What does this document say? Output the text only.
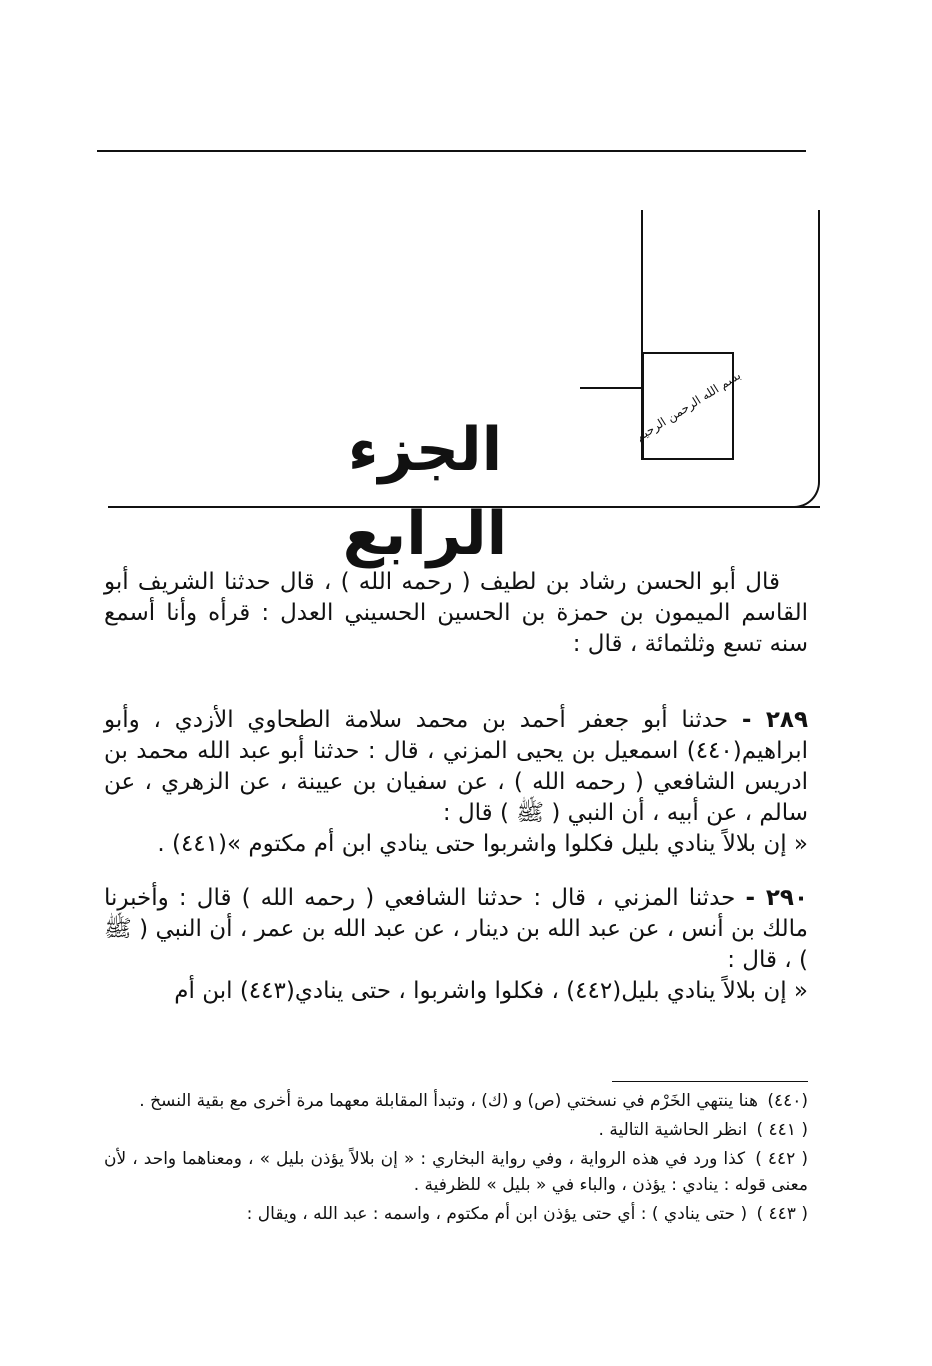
بسم الله الرحمن الرحيم
الجزء الرابع

قال أبو الحسن رشاد بن لطيف ( رحمه الله ) ، قال حدثنا الشريف أبو القاسم الميمون بن حمزة بن الحسين الحسيني العدل : قرأه وأنا أسمع سنه تسع وثلثمائة ، قال :

٢٨٩ - حدثنا أبو جعفر أحمد بن محمد سلامة الطحاوي الأزدي ، وأبو ابراهيم(٤٤٠) اسمعيل بن يحيى المزني ، قال : حدثنا أبو عبد الله محمد بن ادريس الشافعي ( رحمه الله ) ، عن سفيان بن عيينة ، عن الزهري ، عن سالم ، عن أبيه ، أن النبي ( ﷺ ) قال :

« إن بلالاً ينادي بليل فكلوا واشربوا حتى ينادي ابن أم مكتوم »(٤٤١) .

٢٩٠ - حدثنا المزني ، قال : حدثنا الشافعي ( رحمه الله ) قال : وأخبرنا مالك بن أنس ، عن عبد الله بن دينار ، عن عبد الله بن عمر ، أن النبي ( ﷺ ) ، قال :

« إن بلالاً ينادي بليل(٤٤٢) ، فكلوا واشربوا ، حتى ينادي(٤٤٣) ابن أم

(٤٤٠) هنا ينتهي الخَرْم في نسختي (ص) و (ك) ، وتبدأ المقابلة معهما مرة أخرى مع بقية النسخ .

( ٤٤١ ) انظر الحاشية التالية .

( ٤٤٢ ) كذا ورد في هذه الرواية ، وفي رواية البخاري : « إن بلالاً يؤذن بليل » ، ومعناهما واحد ، لأن معنى قوله : ينادي : يؤذن ، والباء في « بليل » للظرفية .

( ٤٤٣ ) ( حتى ينادي ) : أي حتى يؤذن ابن أم مكتوم ، واسمه : عبد الله ، ويقال :
